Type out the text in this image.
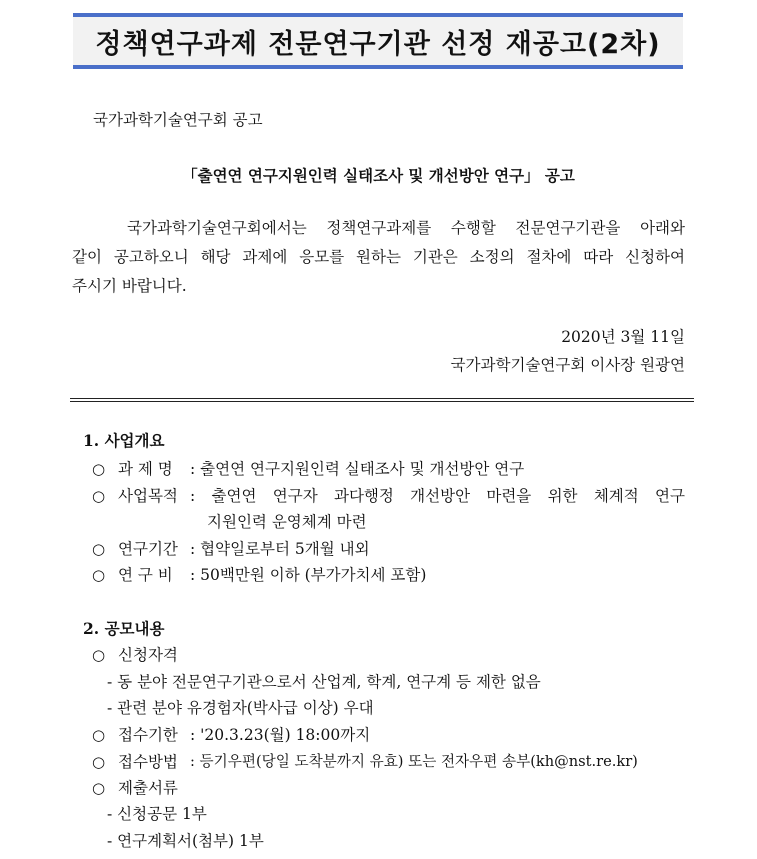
정책연구과제 전문연구기관 선정 재공고(2차)
국가과학기술연구회 공고
「출연연 연구지원인력 실태조사 및 개선방안 연구」 공고
국가과학기술연구회에서는 정책연구과제를 수행할 전문연구기관을 아래와
같이 공고하오니 해당 과제에 응모를 원하는 기관은 소정의 절차에 따라 신청하여
주시기 바랍니다.
2020년 3월 11일
국가과학기술연구회 이사장 원광연
1. 사업개요
○ 과 제 명 : 출연연 연구지원인력 실태조사 및 개선방안 연구
○ 사업목적 : 출연연 연구자 과다행정 개선방안 마련을 위한 체계적 연구
지원인력 운영체계 마련
○ 연구기간 : 협약일로부터 5개월 내외
○ 연 구 비 : 50백만원 이하 (부가가치세 포함)
2. 공모내용
○ 신청자격
- 동 분야 전문연구기관으로서 산업계, 학계, 연구계 등 제한 없음
- 관련 분야 유경험자(박사급 이상) 우대
○ 접수기한 : '20.3.23(월) 18:00까지
○ 접수방법 : 등기우편(당일 도착분까지 유효) 또는 전자우편 송부(kh@nst.re.kr)
○ 제출서류
- 신청공문 1부
- 연구계획서(첨부) 1부
